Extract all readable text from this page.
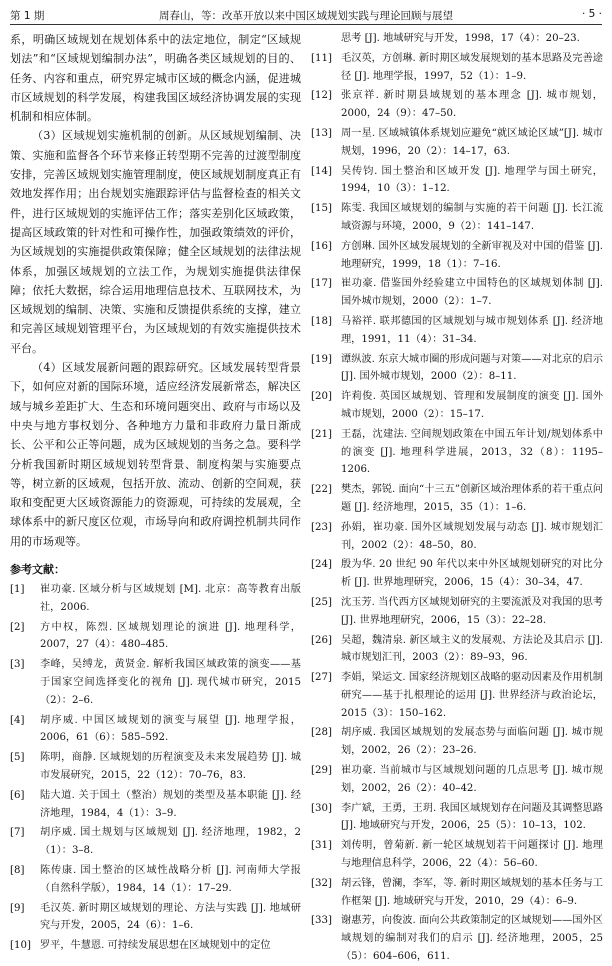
第 1 期	周春山，等：改革开放以来中国区域规划实践与理论回顾与展望	· 5 ·

系，明确区域规划在规划体系中的法定地位，制定“区域规划法”和“区域规划编制办法”，明确各类区域规划的目的、任务、内容和重点，研究界定城市区域的概念内涵，促进城市区域规划的科学发展，构建我国区域经济协调发展的实现机制和相应体制。

（3）区域规划实施机制的创新。从区域规划编制、决策、实施和监督各个环节来修正转型期不完善的过渡型制度安排，完善区域规划实施管理制度，使区域规划制度真正有效地发挥作用；出台规划实施跟踪评估与监督检查的相关文件，进行区域规划的实施评估工作；落实差别化区域政策，提高区域政策的针对性和可操作性，加强政策绩效的评价，为区域规划的实施提供政策保障；健全区域规划的法律法规体系，加强区域规划的立法工作，为规划实施提供法律保障；依托大数据，综合运用地理信息技术、互联网技术，为区域规划的编制、决策、实施和反馈提供系统的支撑，建立和完善区域规划管理平台，为区域规划的有效实施提供技术平台。

（4）区域发展新问题的跟踪研究。区域发展转型背景下，如何应对新的国际环境，适应经济发展新常态，解决区域与城乡差距扩大、生态和环境问题突出、政府与市场以及中央与地方事权划分、各种地方力量和非政府力量日渐成长、公平和公正等问题，成为区域规划的当务之急。要科学分析我国新时期区域规划转型背景、制度构架与实施要点等，树立新的区域观，包括开放、流动、创新的空间观，获取和变配更大区域资源能力的资源观，可持续的发展观，全球体系中的新尺度区位观，市场导向和政府调控机制共同作用的市场观等。

参考文献：
[1] 崔功豪. 区域分析与区域规划 [M]. 北京：高等教育出版社，2006.
[2] 方中权，陈烈. 区域规划理论的演进 [J]. 地理科学，2007，27（4）：480–485.
[3] 李峰，吴缚龙，黄贤金. 解析我国区域政策的演变——基于国家空间选择变化的视角 [J]. 现代城市研究，2015（2）：2–6.
[4] 胡序威. 中国区域规划的演变与展望 [J]. 地理学报，2006，61（6）：585–592.
[5] 陈明，商静. 区域规划的历程演变及未来发展趋势 [J]. 城市发展研究，2015，22（12）：70–76，83.
[6] 陆大道. 关于国土（整治）规划的类型及基本职能 [J]. 经济地理，1984，4（1）：3–9.
[7] 胡序威. 国土规划与区域规划 [J]. 经济地理，1982，2（1）：3–8.
[8] 陈传康. 国土整治的区域性战略分析 [J]. 河南师大学报（自然科学版），1984，14（1）：17–29.
[9] 毛汉英. 新时期区域规划的理论、方法与实践 [J]. 地域研究与开发，2005，24（6）：1–6.
[10] 罗平，牛慧恩. 可持续发展思想在区域规划中的定位
思考 [J]. 地域研究与开发，1998，17（4）：20–23.
[11] 毛汉英，方创琳. 新时期区域发展规划的基本思路及完善途径 [J]. 地理学报，1997，52（1）：1–9.
[12] 张京祥. 新时期县域规划的基本理念 [J]. 城市规划，2000，24（9）：47–50.
[13] 周一星. 区域城镇体系规划应避免“就区域论区域”[J]. 城市规划，1996，20（2）：14–17，63.
[14] 吴传钧. 国土整治和区域开发 [J]. 地理学与国土研究，1994，10（3）：1–12.
[15] 陈雯. 我国区域规划的编制与实施的若干问题 [J]. 长江流域资源与环境，2000，9（2）：141–147.
[16] 方创琳. 国外区域发展规划的全新审视及对中国的借鉴 [J]. 地理研究，1999，18（1）：7–16.
[17] 崔功豪. 借鉴国外经验建立中国特色的区域规划体制 [J]. 国外城市规划，2000（2）：1–7.
[18] 马裕祥. 联邦德国的区域规划与城市规划体系 [J]. 经济地理，1991，11（4）：31–34.
[19] 谭纵波. 东京大城市圈的形成问题与对策——对北京的启示 [J]. 国外城市规划，2000（2）：8–11.
[20] 许莉俊. 英国区域规划、管理和发展制度的演变 [J]. 国外城市规划，2000（2）：15–17.
[21] 王磊，沈建法. 空间规划政策在中国五年计划/规划体系中的演变 [J]. 地理科学进展，2013，32（8）：1195–1206.
[22] 樊杰，郭锐. 面向“十三五”创新区域治理体系的若干重点问题 [J]. 经济地理，2015，35（1）：1–6.
[23] 孙娟，崔功豪. 国外区域规划发展与动态 [J]. 城市规划汇刊，2002（2）：48–50，80.
[24] 殷为华. 20 世纪 90 年代以来中外区域规划研究的对比分析 [J]. 世界地理研究，2006，15（4）：30–34，47.
[25] 沈玉芳. 当代西方区域规划研究的主要流派及对我国的思考 [J]. 世界地理研究，2006，15（3）：22–28.
[26] 吴超，魏清泉. 新区域主义的发展观、方法论及其启示 [J]. 城市规划汇刊，2003（2）：89–93，96.
[27] 李娟，梁运文. 国家经济规划区战略的驱动因素及作用机制研究——基于扎根理论的运用 [J]. 世界经济与政治论坛，2015（3）：150–162.
[28] 胡序威. 我国区域规划的发展态势与面临问题 [J]. 城市规划，2002，26（2）：23–26.
[29] 崔功豪. 当前城市与区域规划问题的几点思考 [J]. 城市规划，2002，26（2）：40–42.
[30] 李广斌，王勇，王玥. 我国区域规划存在问题及其调整思路 [J]. 地域研究与开发，2006，25（5）：10–13，102.
[31] 刘传明，曾菊新. 新一轮区域规划若干问题探讨 [J]. 地理与地理信息科学，2006，22（4）：56–60.
[32] 胡云锋，曾澜，李军，等. 新时期区域规划的基本任务与工作框架 [J]. 地域研究与开发，2010，29（4）：6–9.
[33] 谢惠芳，向俊波. 面向公共政策制定的区域规划——国外区域规划的编制对我们的启示 [J]. 经济地理，2005，25（5）：604–606，611.
